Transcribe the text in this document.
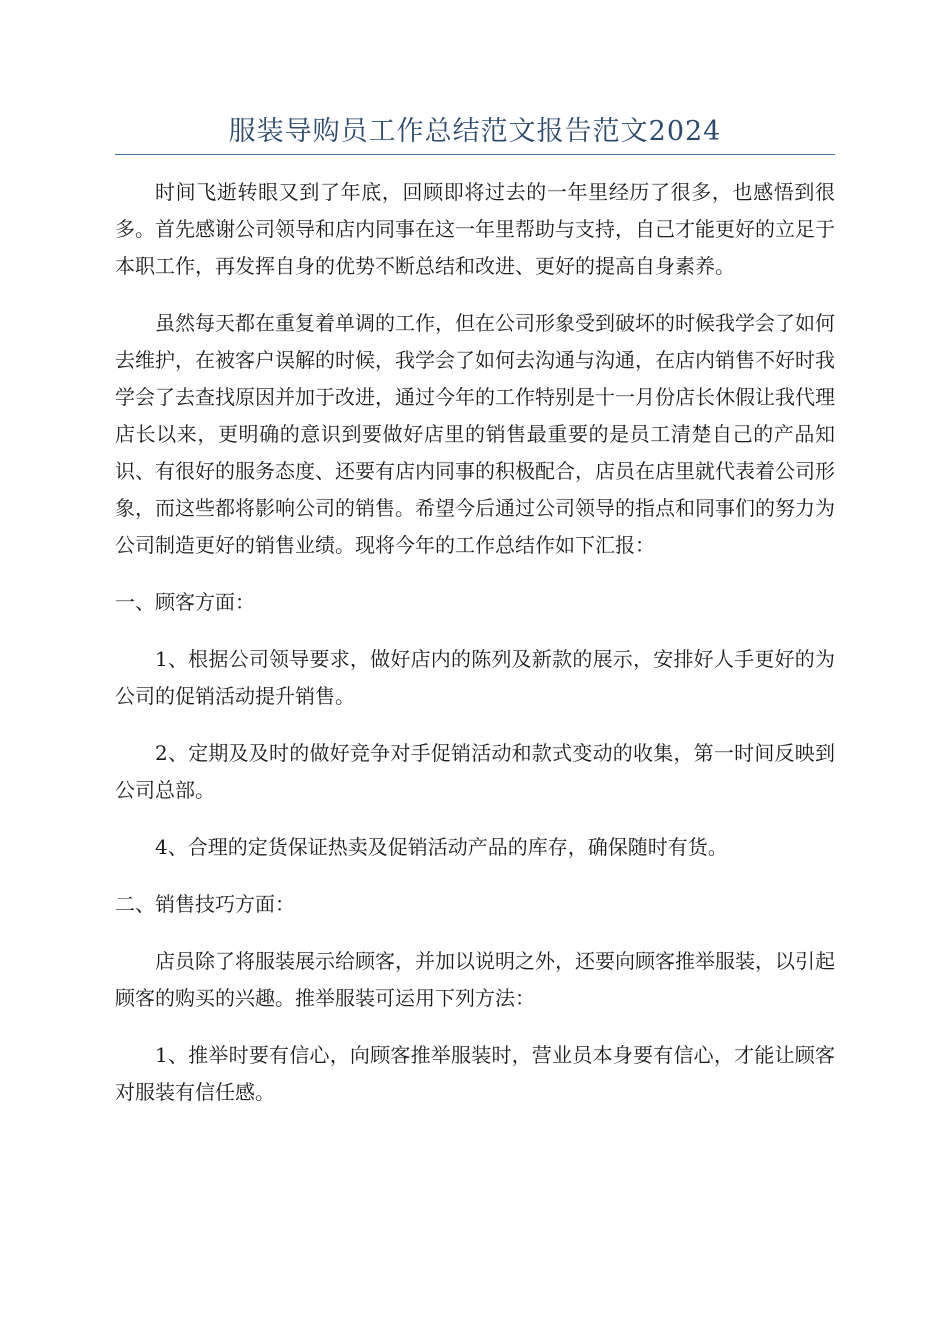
服装导购员工作总结范文报告范文2024

时间飞逝转眼又到了年底，回顾即将过去的一年里经历了很多，也感悟到很多。首先感谢公司领导和店内同事在这一年里帮助与支持，自己才能更好的立足于本职工作，再发挥自身的优势不断总结和改进、更好的提高自身素养。

虽然每天都在重复着单调的工作，但在公司形象受到破坏的时候我学会了如何去维护，在被客户误解的时候，我学会了如何去沟通与沟通，在店内销售不好时我学会了去查找原因并加于改进，通过今年的工作特别是十一月份店长休假让我代理店长以来，更明确的意识到要做好店里的销售最重要的是员工清楚自己的产品知识、有很好的服务态度、还要有店内同事的积极配合，店员在店里就代表着公司形象，而这些都将影响公司的销售。希望今后通过公司领导的指点和同事们的努力为公司制造更好的销售业绩。现将今年的工作总结作如下汇报：

一、顾客方面：

1、根据公司领导要求，做好店内的陈列及新款的展示，安排好人手更好的为公司的促销活动提升销售。

2、定期及及时的做好竞争对手促销活动和款式变动的收集，第一时间反映到公司总部。

4、合理的定货保证热卖及促销活动产品的库存，确保随时有货。

二、销售技巧方面：

店员除了将服装展示给顾客，并加以说明之外，还要向顾客推举服装，以引起顾客的购买的兴趣。推举服装可运用下列方法：

1、推举时要有信心，向顾客推举服装时，营业员本身要有信心，才能让顾客对服装有信任感。
